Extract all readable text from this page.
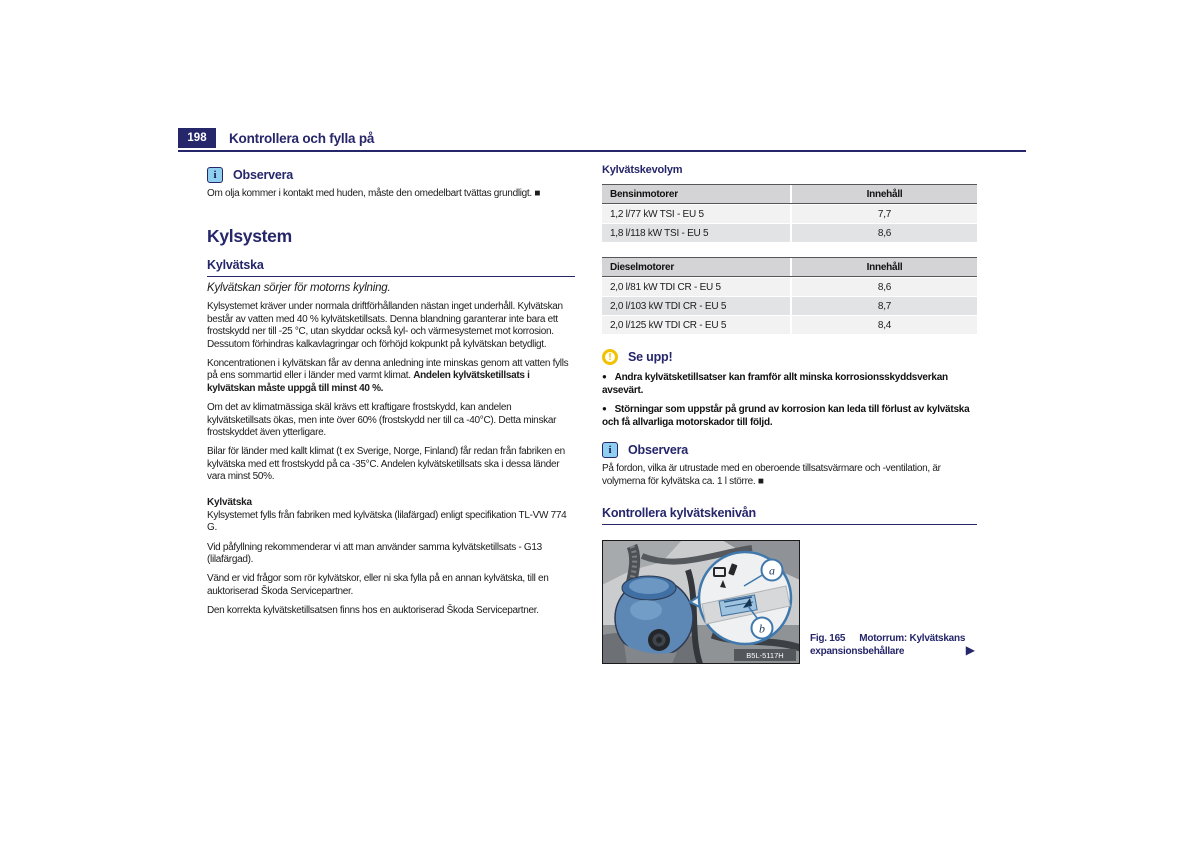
198	Kontrollera och fylla på
i	Observera

Om olja kommer i kontakt med huden, måste den omedelbart tvättas grundligt. ■

Kylsystem
Kylvätska

Kylvätskan sörjer för motorns kylning.

Kylsystemet kräver under normala driftförhållanden nästan inget underhåll. Kylvätskan består av vatten med 40 % kylvätsketillsats. Denna blandning garanterar inte bara ett frostskydd ner till -25 °C, utan skyddar också kyl- och värmesystemet mot korrosion. Dessutom förhindras kalkavlagringar och förhöjd kokpunkt på kylvätskan betydligt.

Koncentrationen i kylvätskan får av denna anledning inte minskas genom att vatten fylls på ens sommartid eller i länder med varmt klimat. Andelen kylvätsketillsats i kylvätskan måste uppgå till minst 40 %.

Om det av klimatmässiga skäl krävs ett kraftigare frostskydd, kan andelen kylvätsketillsats ökas, men inte över 60% (frostskydd ner till ca -40°C). Detta minskar frostskyddet även ytterligare.

Bilar för länder med kallt klimat (t ex Sverige, Norge, Finland) får redan från fabriken en kylvätska med ett frostskydd på ca -35°C. Andelen kylvätsketillsats ska i dessa länder vara minst 50%.

Kylvätska

Kylsystemet fylls från fabriken med kylvätska (lilafärgad) enligt specifikation TL-VW 774 G.

Vid påfyllning rekommenderar vi att man använder samma kylvätsketillsats - G13 (lilafärgad).

Vänd er vid frågor som rör kylvätskor, eller ni ska fylla på en annan kylvätska, till en auktoriserad Škoda Servicepartner.

Den korrekta kylvätsketillsatsen finns hos en auktoriserad Škoda Servicepartner.

Kylvätskevolym
Bensinmotorer	Innehåll
1,2 l/77 kW TSI - EU 5	7,7
1,8 l/118 kW TSI - EU 5	8,6
Dieselmotorer	Innehåll
2,0 l/81 kW TDI CR - EU 5	8,6
2,0 l/103 kW TDI CR - EU 5	8,7
2,0 l/125 kW TDI CR - EU 5	8,4
!	Se upp!

● Andra kylvätsketillsatser kan framför allt minska korrosionsskyddsverkan avsevärt.

● Störningar som uppstår på grund av korrosion kan leda till förlust av kylvätska och få allvarliga motorskador till följd.

i	Observera

På fordon, vilka är utrustade med en oberoende tillsatsvärmare och -ventilation, är volymerna för kylvätska ca. 1 l större. ■

Kontrollera kylvätskenivån
a
b
B5L-5117H
Fig. 165 Motorrum: Kylvätskans expansionsbehållare	▶
